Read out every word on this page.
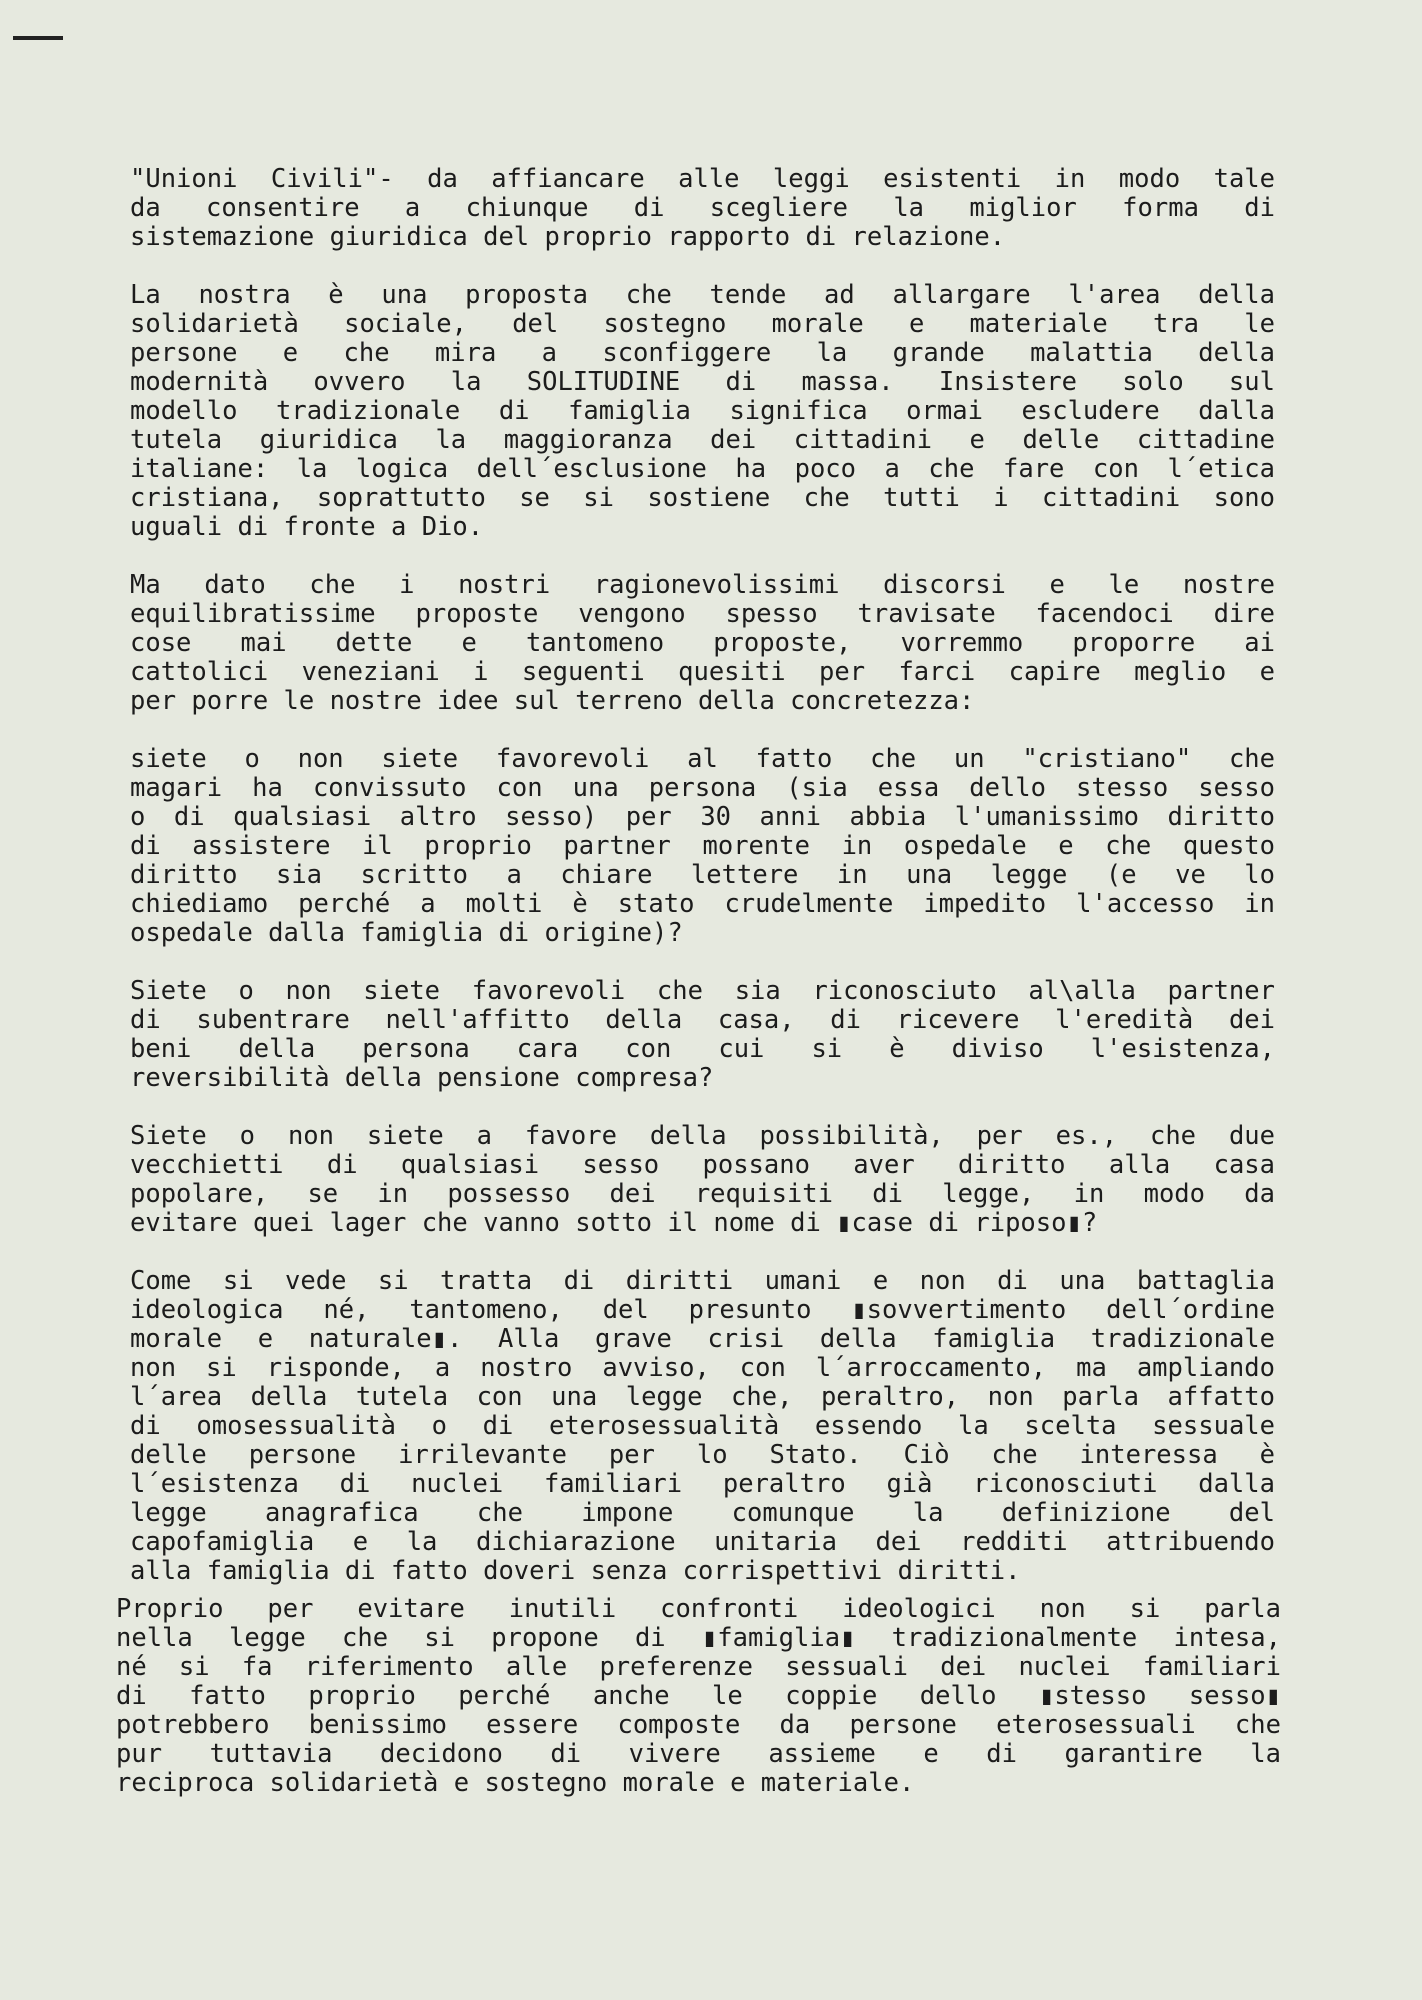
"Unioni Civili"- da affiancare alle leggi esistenti in modo tale
da consentire a chiunque di scegliere la miglior forma di
sistemazione giuridica del proprio rapporto di relazione.

La nostra è una proposta che tende ad allargare l'area della
solidarietà sociale, del sostegno morale e materiale tra le
persone e che mira a sconfiggere la grande malattia della
modernità ovvero la SOLITUDINE di massa. Insistere solo sul
modello tradizionale di famiglia significa ormai escludere dalla
tutela giuridica la maggioranza dei cittadini e delle cittadine
italiane: la logica dell´esclusione ha poco a che fare con l´etica
cristiana, soprattutto se si sostiene che tutti i cittadini sono
uguali di fronte a Dio.

Ma dato che i nostri ragionevolissimi discorsi e le nostre
equilibratissime proposte vengono spesso travisate facendoci dire
cose mai dette e tantomeno proposte, vorremmo proporre ai
cattolici veneziani i seguenti quesiti per farci capire meglio e
per porre le nostre idee sul terreno della concretezza:

siete o non siete favorevoli al fatto che un "cristiano" che
magari ha convissuto con una persona (sia essa dello stesso sesso
o di qualsiasi altro sesso) per 30 anni abbia l'umanissimo diritto
di assistere il proprio partner morente in ospedale e che questo
diritto sia scritto a chiare lettere in una legge (e ve lo
chiediamo perché a molti è stato crudelmente impedito l'accesso in
ospedale dalla famiglia di origine)?

Siete o non siete favorevoli che sia riconosciuto al\alla partner
di subentrare nell'affitto della casa, di ricevere l'eredità dei
beni della persona cara con cui si è diviso l'esistenza,
reversibilità della pensione compresa?

Siete o non siete a favore della possibilità, per es., che due
vecchietti di qualsiasi sesso possano aver diritto alla casa
popolare, se in possesso dei requisiti di legge, in modo da
evitare quei lager che vanno sotto il nome di ▮case di riposo▮?

Come si vede si tratta di diritti umani e non di una battaglia
ideologica né, tantomeno, del presunto ▮sovvertimento dell´ordine
morale e naturale▮. Alla grave crisi della famiglia tradizionale
non si risponde, a nostro avviso, con l´arroccamento, ma ampliando
l´area della tutela con una legge che, peraltro, non parla affatto
di omosessualità o di eterosessualità essendo la scelta sessuale
delle persone irrilevante per lo Stato. Ciò che interessa è
l´esistenza di nuclei familiari peraltro già riconosciuti dalla
legge anagrafica che impone comunque la definizione del
capofamiglia e la dichiarazione unitaria dei redditi attribuendo
alla famiglia di fatto doveri senza corrispettivi diritti.

Proprio per evitare inutili confronti ideologici non si parla
nella legge che si propone di ▮famiglia▮ tradizionalmente intesa,
né si fa riferimento alle preferenze sessuali dei nuclei familiari
di fatto proprio perché anche le coppie dello ▮stesso sesso▮
potrebbero benissimo essere composte da persone eterosessuali che
pur tuttavia decidono di vivere assieme e di garantire la
reciproca solidarietà e sostegno morale e materiale.
